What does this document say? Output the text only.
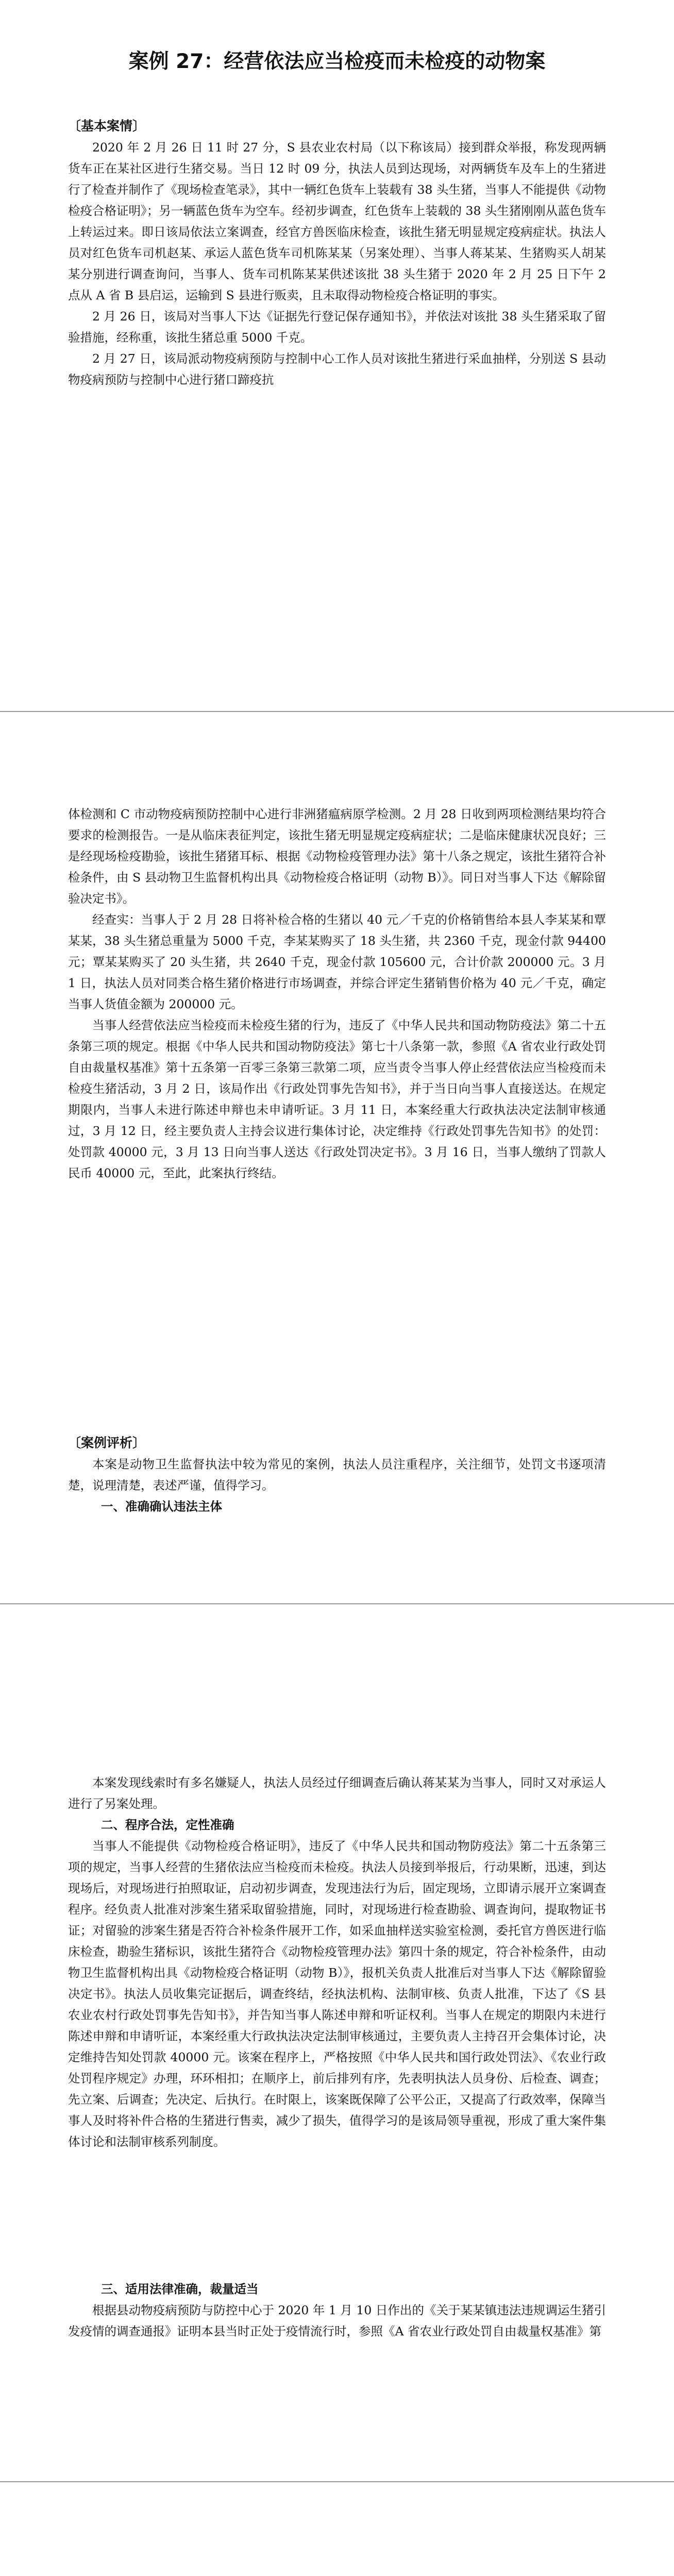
案例 27：经营依法应当检疫而未检疫的动物案
〔基本案情〕

2020 年 2 月 26 日 11 时 27 分，S 县农业农村局（以下称该局）接到群众举报，称发现两辆货车正在某社区进行生猪交易。当日 12 时 09 分，执法人员到达现场，对两辆货车及车上的生猪进行了检查并制作了《现场检查笔录》，其中一辆红色货车上装载有 38 头生猪，当事人不能提供《动物检疫合格证明》；另一辆蓝色货车为空车。经初步调查，红色货车上装载的 38 头生猪刚刚从蓝色货车上转运过来。即日该局依法立案调查，经官方兽医临床检查，该批生猪无明显规定疫病症状。执法人员对红色货车司机赵某、承运人蓝色货车司机陈某某（另案处理）、当事人蒋某某、生猪购买人胡某某分别进行调查询问，当事人、货车司机陈某某供述该批 38 头生猪于 2020 年 2 月 25 日下午 2 点从 A 省 B 县启运，运输到 S 县进行贩卖，且未取得动物检疫合格证明的事实。

2 月 26 日，该局对当事人下达《证据先行登记保存通知书》，并依法对该批 38 头生猪采取了留验措施，经称重，该批生猪总重 5000 千克。

2 月 27 日，该局派动物疫病预防与控制中心工作人员对该批生猪进行采血抽样，分别送 S 县动物疫病预防与控制中心进行猪口蹄疫抗

体检测和 C 市动物疫病预防控制中心进行非洲猪瘟病原学检测。2 月 28 日收到两项检测结果均符合要求的检测报告。一是从临床表征判定，该批生猪无明显规定疫病症状；二是临床健康状况良好；三是经现场检疫勘验，该批生猪猪耳标、根据《动物检疫管理办法》第十八条之规定，该批生猪符合补检条件，由 S 县动物卫生监督机构出具《动物检疫合格证明（动物 B）》。同日对当事人下达《解除留验决定书》。

经查实：当事人于 2 月 28 日将补检合格的生猪以 40 元／千克的价格销售给本县人李某某和覃某某，38 头生猪总重量为 5000 千克，李某某购买了 18 头生猪，共 2360 千克，现金付款 94400 元；覃某某购买了 20 头生猪，共 2640 千克，现金付款 105600 元，合计价款 200000 元。3 月 1 日，执法人员对同类合格生猪价格进行市场调查，并综合评定生猪销售价格为 40 元／千克，确定当事人货值金额为 200000 元。

当事人经营依法应当检疫而未检疫生猪的行为，违反了《中华人民共和国动物防疫法》第二十五条第三项的规定。根据《中华人民共和国动物防疫法》第七十八条第一款，参照《A 省农业行政处罚自由裁量权基准》第十五条第一百零三条第三款第二项，应当责令当事人停止经营依法应当检疫而未检疫生猪活动，3 月 2 日，该局作出《行政处罚事先告知书》，并于当日向当事人直接送达。在规定期限内，当事人未进行陈述申辩也未申请听证。3 月 11 日，本案经重大行政执法决定法制审核通过，3 月 12 日，经主要负责人主持会议进行集体讨论，决定维持《行政处罚事先告知书》的处罚：处罚款 40000 元，3 月 13 日向当事人送达《行政处罚决定书》。3 月 16 日，当事人缴纳了罚款人民币 40000 元，至此，此案执行终结。

〔案例评析〕

本案是动物卫生监督执法中较为常见的案例，执法人员注重程序，关注细节，处罚文书逐项清楚，说理清楚，表述严谨，值得学习。

一、准确确认违法主体

本案发现线索时有多名嫌疑人，执法人员经过仔细调查后确认蒋某某为当事人，同时又对承运人进行了另案处理。

二、程序合法，定性准确

当事人不能提供《动物检疫合格证明》，违反了《中华人民共和国动物防疫法》第二十五条第三项的规定，当事人经营的生猪依法应当检疫而未检疫。执法人员接到举报后，行动果断，迅速，到达现场后，对现场进行拍照取证，启动初步调查，发现违法行为后，固定现场，立即请示展开立案调查程序。经负责人批准对涉案生猪采取留验措施，同时，对现场进行检查勘验、调查询问，提取物证书证；对留验的涉案生猪是否符合补检条件展开工作，如采血抽样送实验室检测，委托官方兽医进行临床检查，勘验生猪标识，该批生猪符合《动物检疫管理办法》第四十条的规定，符合补检条件，由动物卫生监督机构出具《动物检疫合格证明（动物 B）》，报机关负责人批准后对当事人下达《解除留验决定书》。执法人员收集完证据后，调查终结，经执法机构、法制审核、负责人批准，下达了《S 县农业农村行政处罚事先告知书》，并告知当事人陈述申辩和听证权利。当事人在规定的期限内未进行陈述申辩和申请听证，本案经重大行政执法决定法制审核通过，主要负责人主持召开会集体讨论，决定维持告知处罚款 40000 元。该案在程序上，严格按照《中华人民共和国行政处罚法》、《农业行政处罚程序规定》办理，环环相扣；在顺序上，前后排列有序，先表明执法人员身份、后检查、调查；先立案、后调查；先决定、后执行。在时限上，该案既保障了公平公正，又提高了行政效率，保障当事人及时将补件合格的生猪进行售卖，减少了损失，值得学习的是该局领导重视，形成了重大案件集体讨论和法制审核系列制度。

三、适用法律准确，裁量适当

根据县动物疫病预防与防控中心于 2020 年 1 月 10 日作出的《关于某某镇违法违规调运生猪引发疫情的调查通报》证明本县当时正处于疫情流行时，参照《A 省农业行政处罚自由裁量权基准》第
